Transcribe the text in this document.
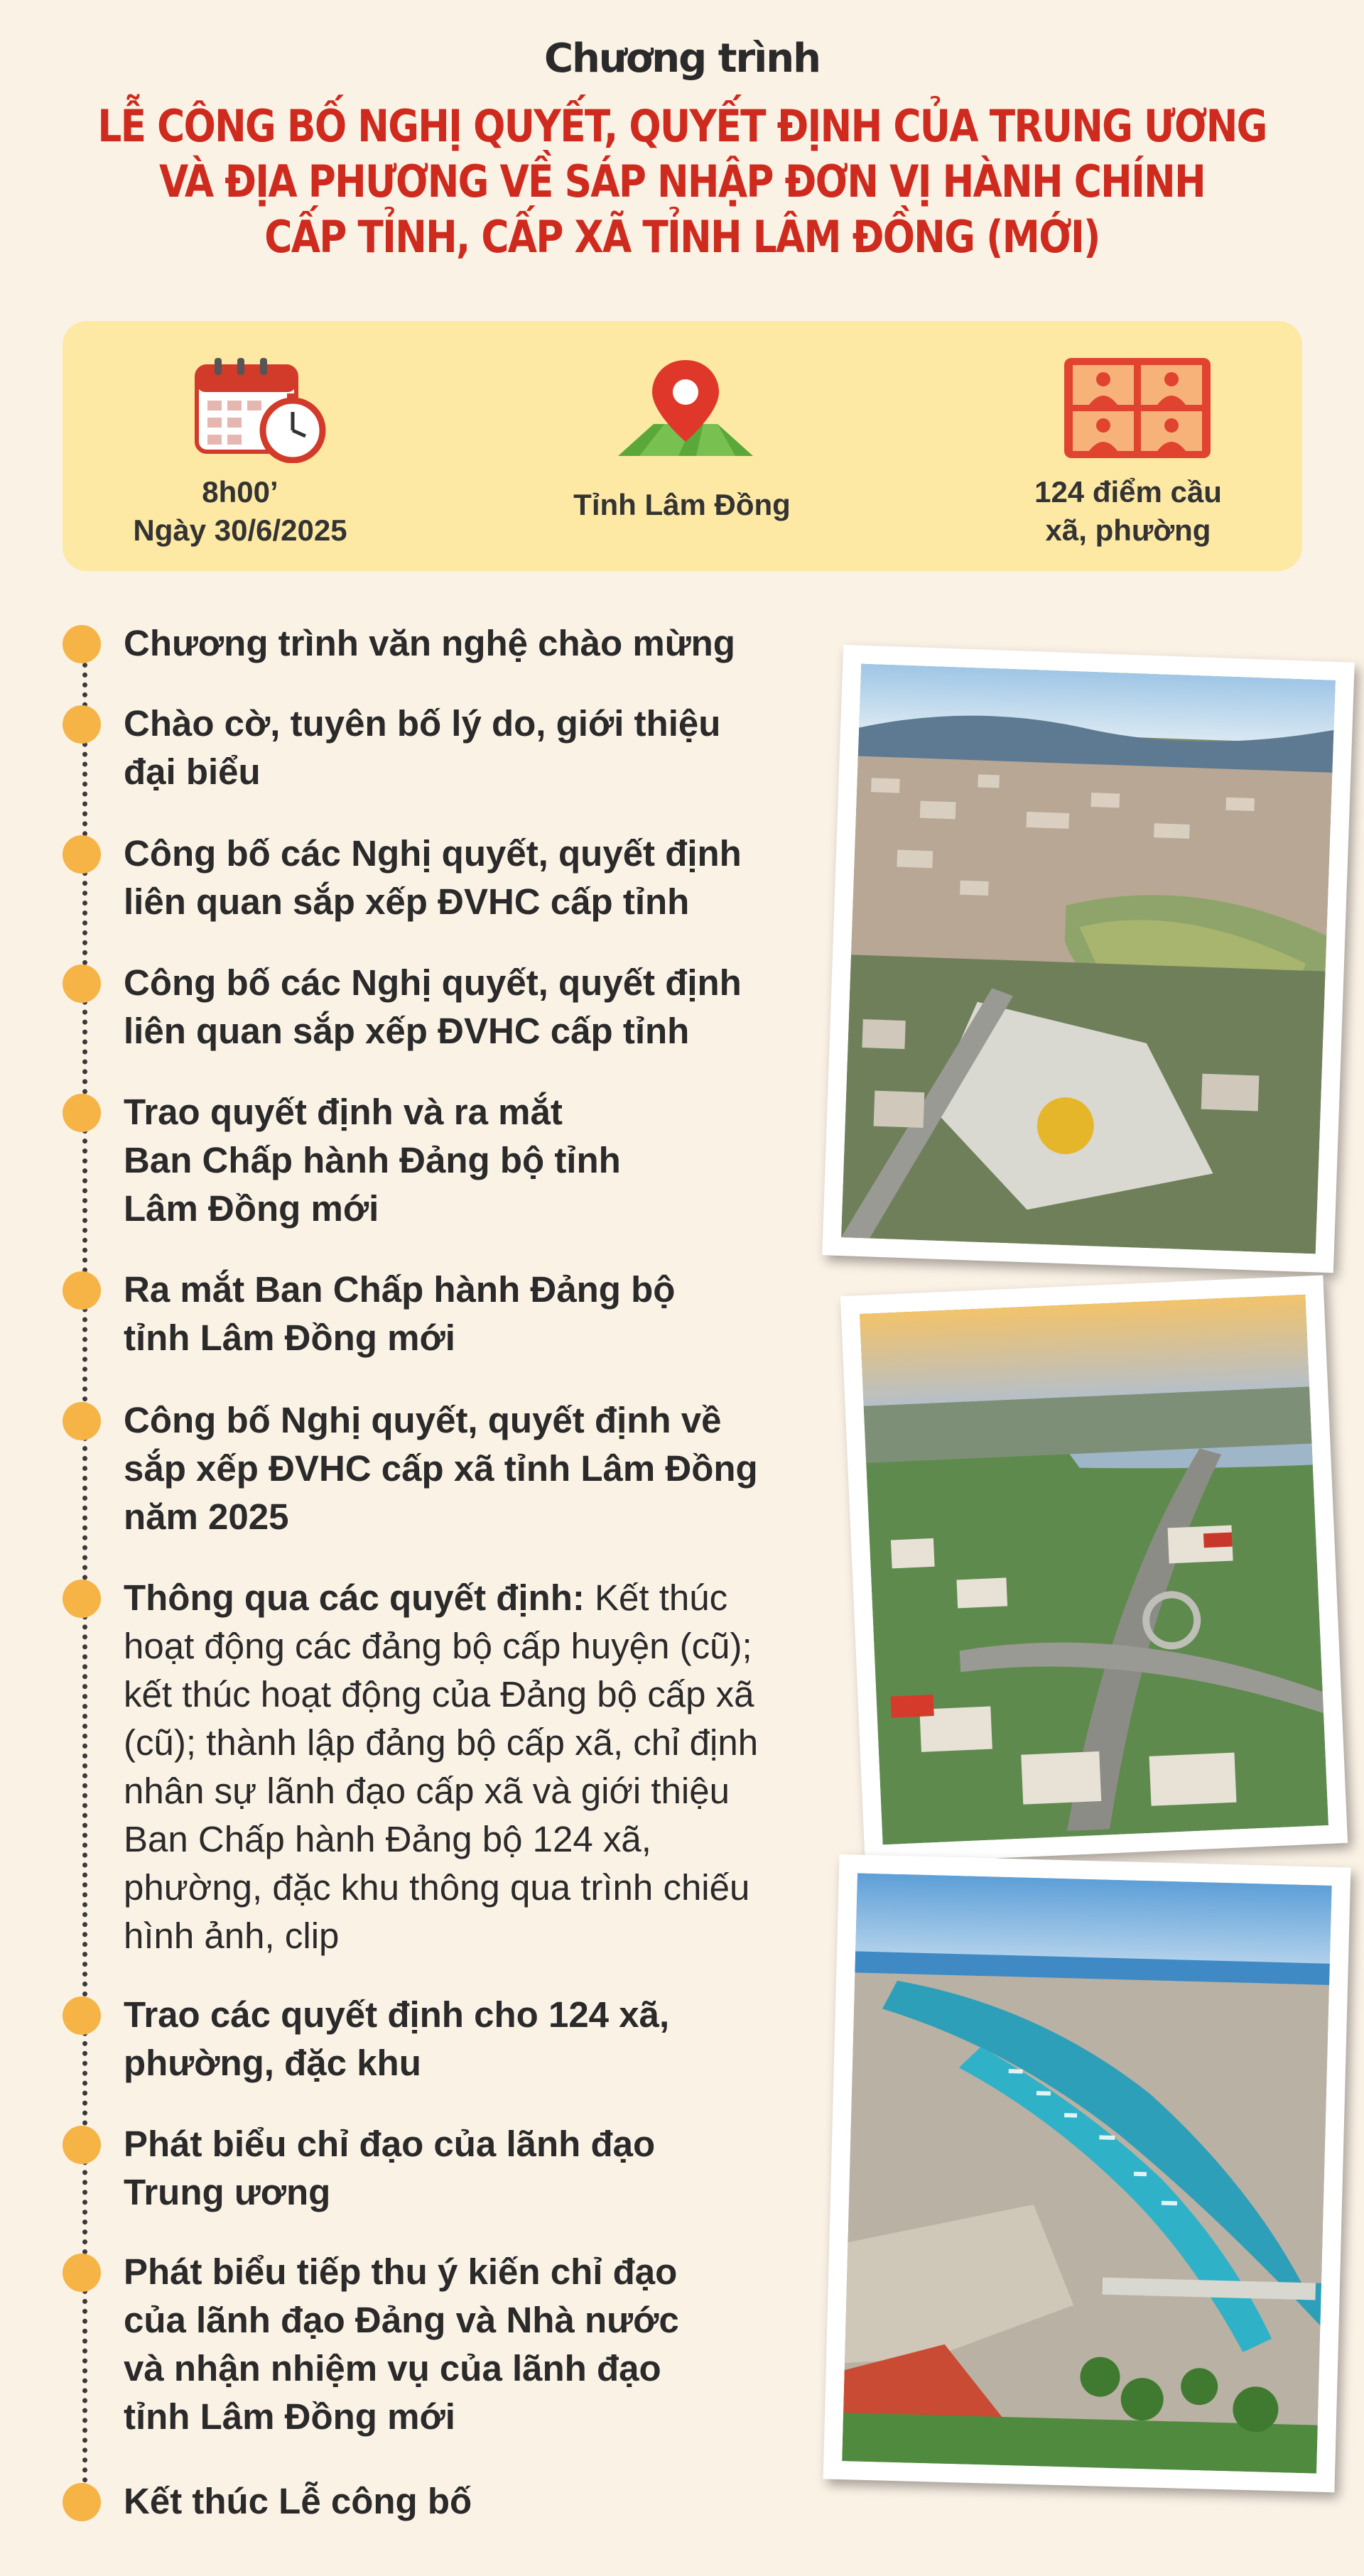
Chương trình
LỄ CÔNG BỐ NGHỊ QUYẾT, QUYẾT ĐỊNH CỦA TRUNG ƯƠNG
VÀ ĐỊA PHƯƠNG VỀ SÁP NHẬP ĐƠN VỊ HÀNH CHÍNH
CẤP TỈNH, CẤP XÃ TỈNH LÂM ĐỒNG (MỚI)
8h00’
Ngày 30/6/2025
Tỉnh Lâm Đồng	124 điểm cầu
xã, phường
Chương trình văn nghệ chào mừng
Chào cờ, tuyên bố lý do, giới thiệu
đại biểu
Công bố các Nghị quyết, quyết định
liên quan sắp xếp ĐVHC cấp tỉnh
Công bố các Nghị quyết, quyết định
liên quan sắp xếp ĐVHC cấp tỉnh
Trao quyết định và ra mắt
Ban Chấp hành Đảng bộ tỉnh
Lâm Đồng mới
Ra mắt Ban Chấp hành Đảng bộ
tỉnh Lâm Đồng mới
Công bố Nghị quyết, quyết định về
sắp xếp ĐVHC cấp xã tỉnh Lâm Đồng
năm 2025
Thông qua các quyết định: Kết thúc
hoạt động các đảng bộ cấp huyện (cũ);
kết thúc hoạt động của Đảng bộ cấp xã
(cũ); thành lập đảng bộ cấp xã, chỉ định
nhân sự lãnh đạo cấp xã và giới thiệu
Ban Chấp hành Đảng bộ 124 xã,
phường, đặc khu thông qua trình chiếu
hình ảnh, clip
Trao các quyết định cho 124 xã,
phường, đặc khu
Phát biểu chỉ đạo của lãnh đạo
Trung ương
Phát biểu tiếp thu ý kiến chỉ đạo
của lãnh đạo Đảng và Nhà nước
và nhận nhiệm vụ của lãnh đạo
tỉnh Lâm Đồng mới
Kết thúc Lễ công bố
